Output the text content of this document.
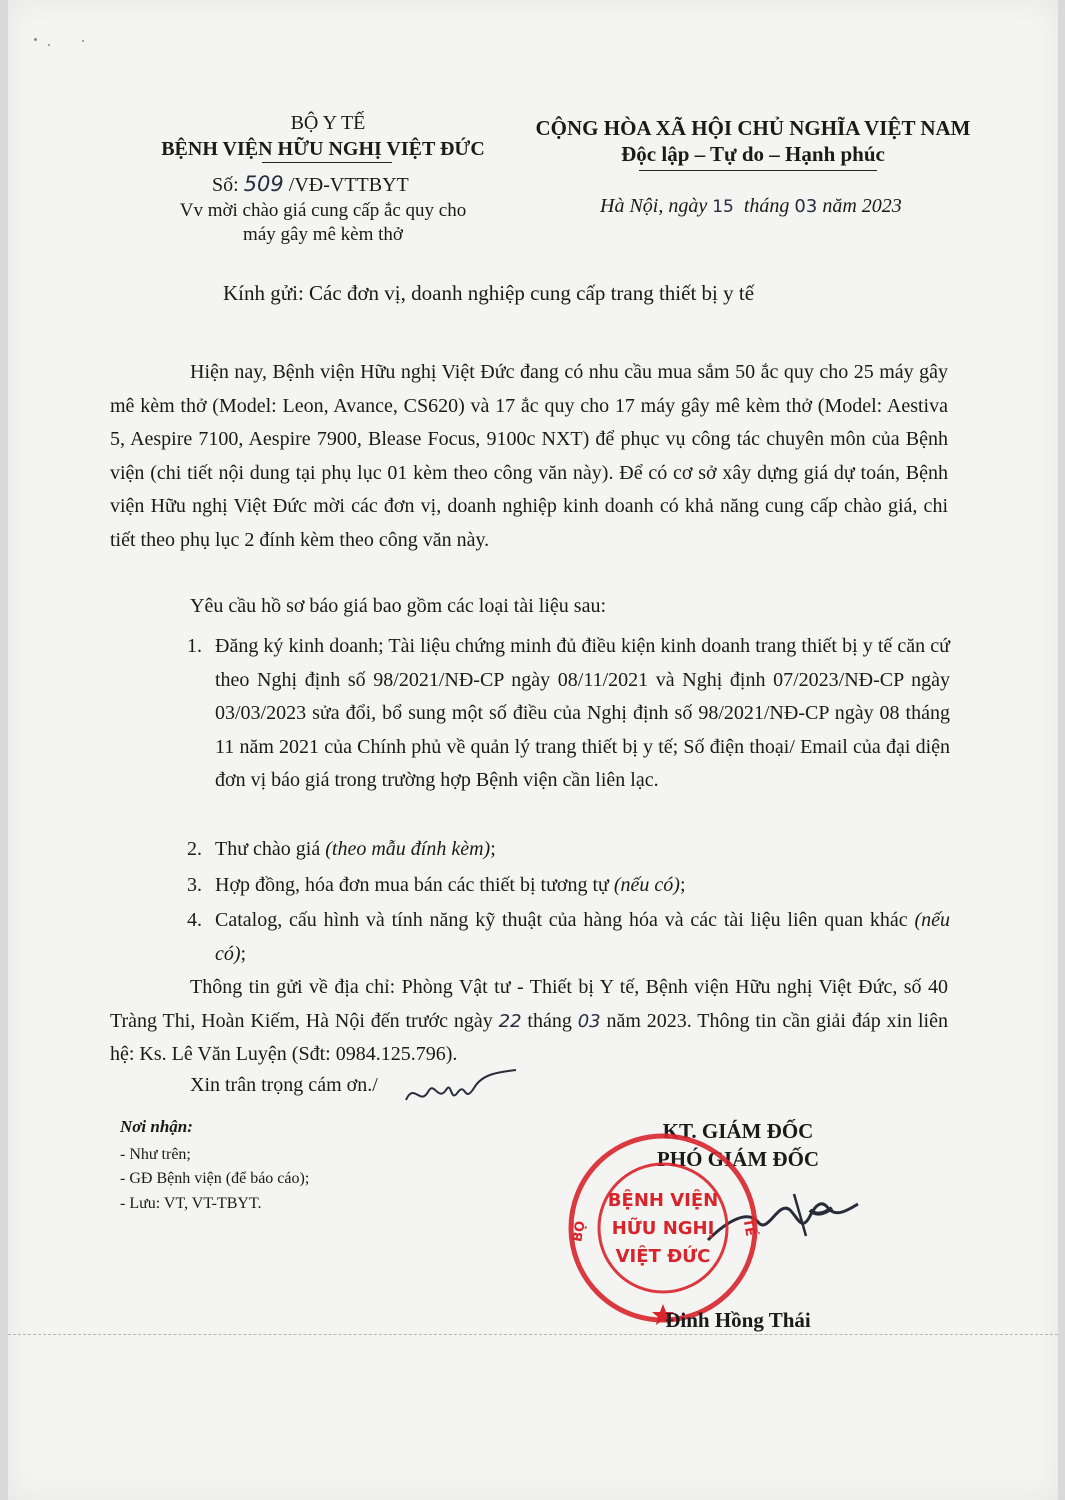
BỘ Y TẾ
BỆNH VIỆN HỮU NGHỊ VIỆT ĐỨC
Số: 509 /VĐ-VTTBYT
Vv mời chào giá cung cấp ắc quy cho
máy gây mê kèm thở
CỘNG HÒA XÃ HỘI CHỦ NGHĨA VIỆT NAM
Độc lập – Tự do – Hạnh phúc
Hà Nội, ngày 15 tháng 03 năm 2023
Kính gửi: Các đơn vị, doanh nghiệp cung cấp trang thiết bị y tế
Hiện nay, Bệnh viện Hữu nghị Việt Đức đang có nhu cầu mua sắm 50 ắc quy cho 25 máy gây mê kèm thở (Model: Leon, Avance, CS620) và 17 ắc quy cho 17 máy gây mê kèm thở (Model: Aestiva 5, Aespire 7100, Aespire 7900, Blease Focus, 9100c NXT) để phục vụ công tác chuyên môn của Bệnh viện (chi tiết nội dung tại phụ lục 01 kèm theo công văn này). Để có cơ sở xây dựng giá dự toán, Bệnh viện Hữu nghị Việt Đức mời các đơn vị, doanh nghiệp kinh doanh có khả năng cung cấp chào giá, chi tiết theo phụ lục 2 đính kèm theo công văn này.
Yêu cầu hồ sơ báo giá bao gồm các loại tài liệu sau:
1. Đăng ký kinh doanh; Tài liệu chứng minh đủ điều kiện kinh doanh trang thiết bị y tế căn cứ theo Nghị định số 98/2021/NĐ-CP ngày 08/11/2021 và Nghị định 07/2023/NĐ-CP ngày 03/03/2023 sửa đổi, bổ sung một số điều của Nghị định số 98/2021/NĐ-CP ngày 08 tháng 11 năm 2021 của Chính phủ về quản lý trang thiết bị y tế; Số điện thoại/ Email của đại diện đơn vị báo giá trong trường hợp Bệnh viện cần liên lạc.
2. Thư chào giá (theo mẫu đính kèm);
3. Hợp đồng, hóa đơn mua bán các thiết bị tương tự (nếu có);
4. Catalog, cấu hình và tính năng kỹ thuật của hàng hóa và các tài liệu liên quan khác (nếu có);
Thông tin gửi về địa chỉ: Phòng Vật tư - Thiết bị Y tế, Bệnh viện Hữu nghị Việt Đức, số 40 Tràng Thi, Hoàn Kiếm, Hà Nội đến trước ngày 22 tháng 03 năm 2023. Thông tin cần giải đáp xin liên hệ: Ks. Lê Văn Luyện (Sđt: 0984.125.796).
Xin trân trọng cám ơn./
Nơi nhận:
- Như trên;
- GĐ Bệnh viện (để báo cáo);
- Lưu: VT, VT-TBYT.
KT. GIÁM ĐỐC
PHÓ GIÁM ĐỐC
BỆNH VIỆN
HỮU NGHỊ
VIỆT ĐỨC
BỘ	TẾ
Đinh Hồng Thái
